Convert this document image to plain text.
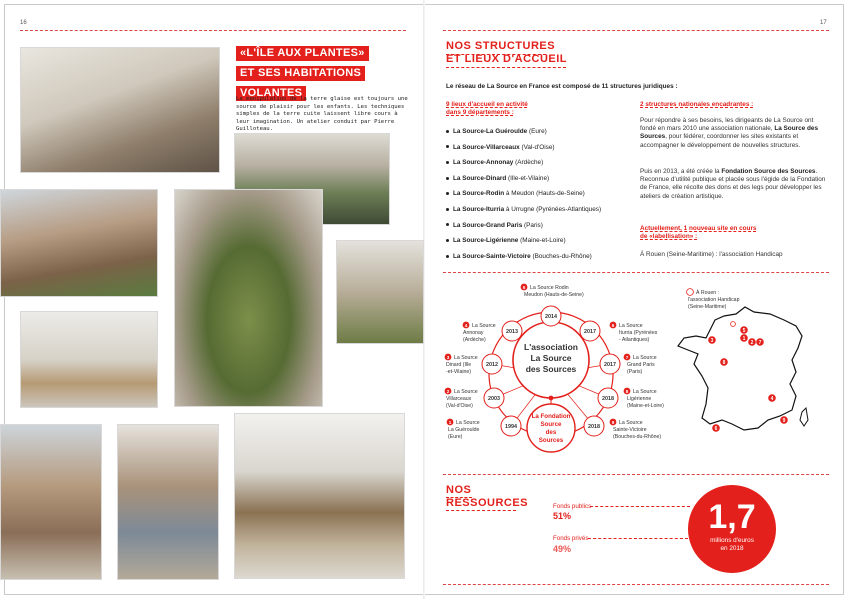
16	17
«L'ÎLE AUX PLANTES»
ET SES HABITATIONS
VOLANTES
La manipulation de la terre glaise est toujours une source de plaisir pour les enfants. Les techniques simples de la terre cuite laissent libre cours à leur imagination. Un atelier conduit par Pierre Guilloteau.
NOS STRUCTURES
ET LIEUX D'ACCUEIL
Le réseau de La Source en France est composé de 11 structures juridiques :
9 lieux d'accueil en activité
dans 9 départements :
La Source-La Guéroulde (Eure)
La Source-Villarceaux (Val-d'Oise)
La Source-Annonay (Ardèche)
La Source-Dinard (Ille-et-Vilaine)
La Source-Rodin à Meudon (Hauts-de-Seine)
La Source-Iturria à Urrugne (Pyrénées-Atlantiques)
La Source-Grand Paris (Paris)
La Source-Ligérienne (Maine-et-Loire)
La Source-Sainte-Victoire (Bouches-du-Rhône)
2 structures nationales encadrantes :
Pour répondre à ses besoins, les dirigeants de La Source ont fondé en mars 2010 une association nationale, La Source des Sources, pour fédérer, coordonner les sites existants et accompagner le développement de nouvelles structures.
Puis en 2013, a été créée la Fondation Source des Sources. Reconnue d'utilité publique et placée sous l'égide de la Fondation de France, elle récolte des dons et des legs pour développer les ateliers de création artistique.
Actuellement, 1 nouveau site en cours
de «labellisation» :
À Rouen (Seine-Maritime) : l'association Handicap
L'association
La Source
des Sources
La Fondation
Source
des
Sources
2014
2013
2012
2003
1994
2017
2017
2018
2018
5 La Source Rodin
Meudon (Hauts-de-Seine)
4 La Source
Annonay
(Ardèche)
3 La Source
Dinard (Ille
-et-Vilaine)
2 La Source
Villarceaux
(Val-d'Oise)
1 La Source
La Guéroulde
(Eure)
6 La Source
Iturria (Pyrénées
- Atlantiques)
7 La Source
Grand Paris
(Paris)
8 La Source
Ligérienne
(Maine-et-Loire)
9 La Source
Sainte-Victoire
(Bouches-du-Rhône)
À Rouen :
l'association Handicap
(Seine-Maritime)
1
2
3
4
5
6
7
8
9
NOS
RESSOURCES	Fonds publics
51%
Fonds privés
49%
1,7
millions d'euros
en 2018
